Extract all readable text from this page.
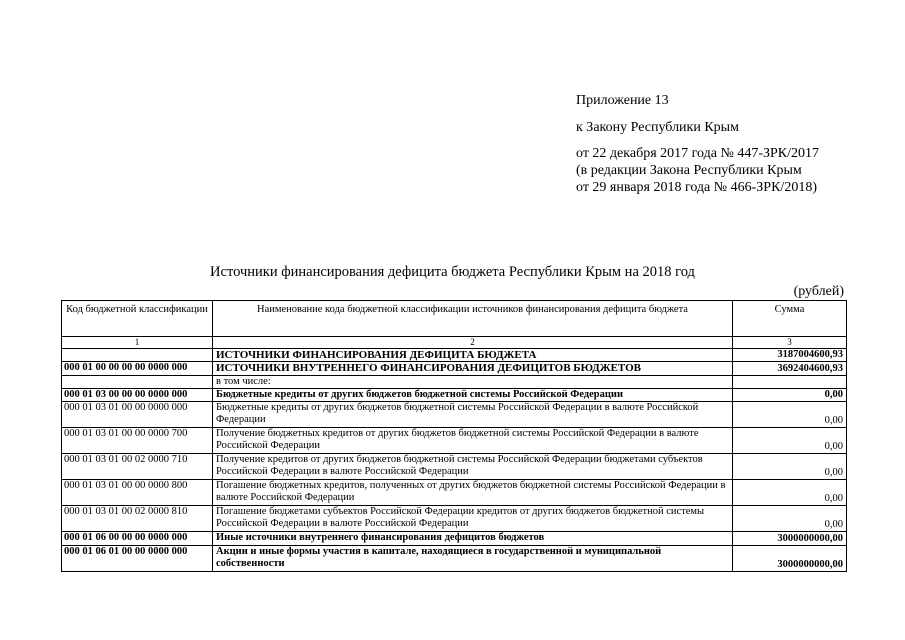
Приложение 13
к Закону Республики Крым
от 22 декабря 2017 года № 447-ЗРК/2017
(в редакции Закона Республики Крым
от 29 января 2018 года № 466-ЗРК/2018)
Источники финансирования дефицита бюджета Республики Крым на 2018 год
(рублей)
Код бюджетной классификации	Наименование кода бюджетной классификации источников финансирования дефицита бюджета	Сумма
1	2	3
	ИСТОЧНИКИ ФИНАНСИРОВАНИЯ ДЕФИЦИТА БЮДЖЕТА	3187004600,93
000 01 00 00 00 00 0000 000	ИСТОЧНИКИ ВНУТРЕННЕГО ФИНАНСИРОВАНИЯ ДЕФИЦИТОВ БЮДЖЕТОВ	3692404600,93
	в том числе:	
000 01 03 00 00 00 0000 000	Бюджетные кредиты от других бюджетов бюджетной системы Российской Федерации	0,00
000 01 03 01 00 00 0000 000	Бюджетные кредиты от других бюджетов бюджетной системы Российской Федерации в валюте Российской Федерации	0,00
000 01 03 01 00 00 0000 700	Получение бюджетных кредитов от других бюджетов бюджетной системы Российской Федерации в валюте Российской Федерации	0,00
000 01 03 01 00 02 0000 710	Получение кредитов от других бюджетов бюджетной системы Российской Федерации бюджетами субъектов Российской Федерации в валюте Российской Федерации	0,00
000 01 03 01 00 00 0000 800	Погашение бюджетных кредитов, полученных от других бюджетов бюджетной системы Российской Федерации в валюте Российской Федерации	0,00
000 01 03 01 00 02 0000 810	Погашение бюджетами субъектов Российской Федерации кредитов от других бюджетов бюджетной системы Российской Федерации в валюте Российской Федерации	0,00
000 01 06 00 00 00 0000 000	Иные источники внутреннего финансирования дефицитов бюджетов	3000000000,00
000 01 06 01 00 00 0000 000	Акции и иные формы участия в капитале, находящиеся в государственной и муниципальной собственности	3000000000,00
